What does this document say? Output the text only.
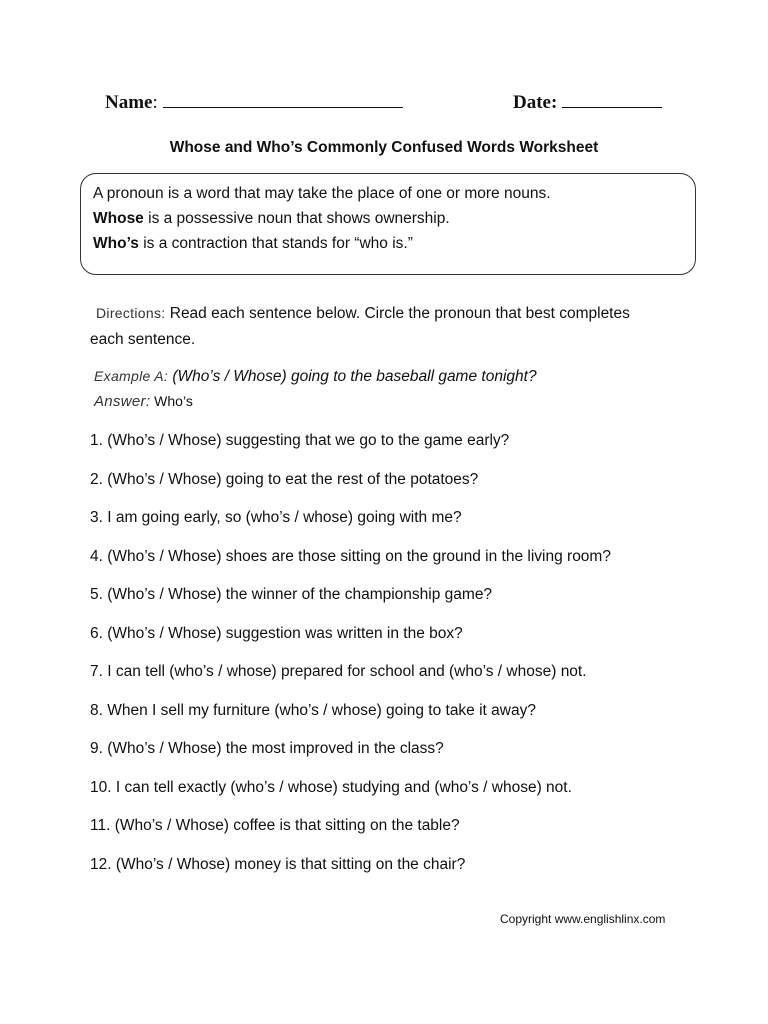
Name:	Date:
Whose and Who’s Commonly Confused Words Worksheet
A pronoun is a word that may take the place of one or more nouns.
Whose is a possessive noun that shows ownership.
Who’s is a contraction that stands for “who is.”
Directions: Read each sentence below. Circle the pronoun that best completes
each sentence.
Example A: (Who’s / Whose) going to the baseball game tonight?
Answer: Who’s
1. (Who’s / Whose) suggesting that we go to the game early?
2. (Who’s / Whose) going to eat the rest of the potatoes?
3. I am going early, so (who’s / whose) going with me?
4. (Who’s / Whose) shoes are those sitting on the ground in the living room?
5. (Who’s / Whose) the winner of the championship game?
6. (Who’s / Whose) suggestion was written in the box?
7. I can tell (who’s / whose) prepared for school and (who’s / whose) not.
8. When I sell my furniture (who’s / whose) going to take it away?
9. (Who’s / Whose) the most improved in the class?
10. I can tell exactly (who’s / whose) studying and (who’s / whose) not.
11. (Who’s / Whose) coffee is that sitting on the table?
12. (Who’s / Whose) money is that sitting on the chair?
Copyright www.englishlinx.com
